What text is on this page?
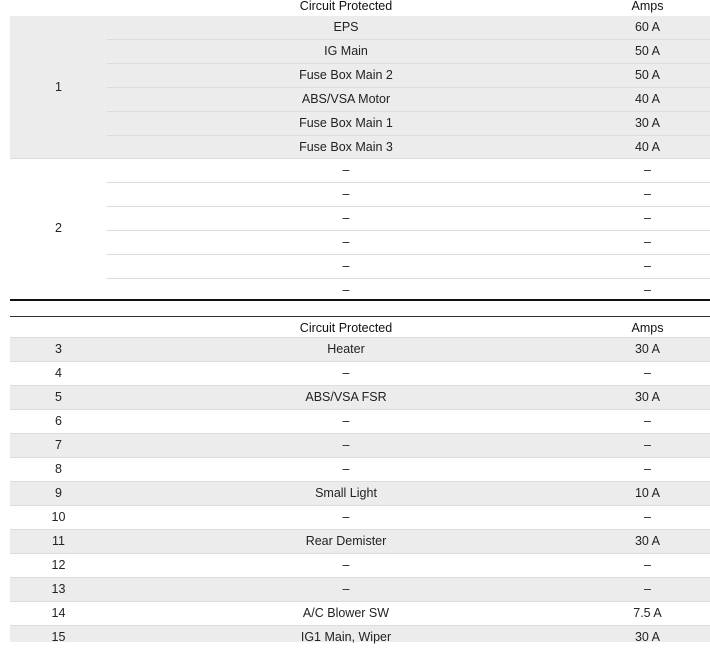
Circuit Protected	Amps
1
EPS	60 A
IG Main	50 A
Fuse Box Main 2	50 A
ABS/VSA Motor	40 A
Fuse Box Main 1	30 A
Fuse Box Main 3	40 A
2
–	–
–	–
–	–
–	–
–	–
–	–
Circuit Protected	Amps
3	Heater	30 A
4	–	–
5	ABS/VSA FSR	30 A
6	–	–
7	–	–
8	–	–
9	Small Light	10 A
10	–	–
11	Rear Demister	30 A
12	–	–
13	–	–
14	A/C Blower SW	7.5 A
15	IG1 Main, Wiper	30 A
